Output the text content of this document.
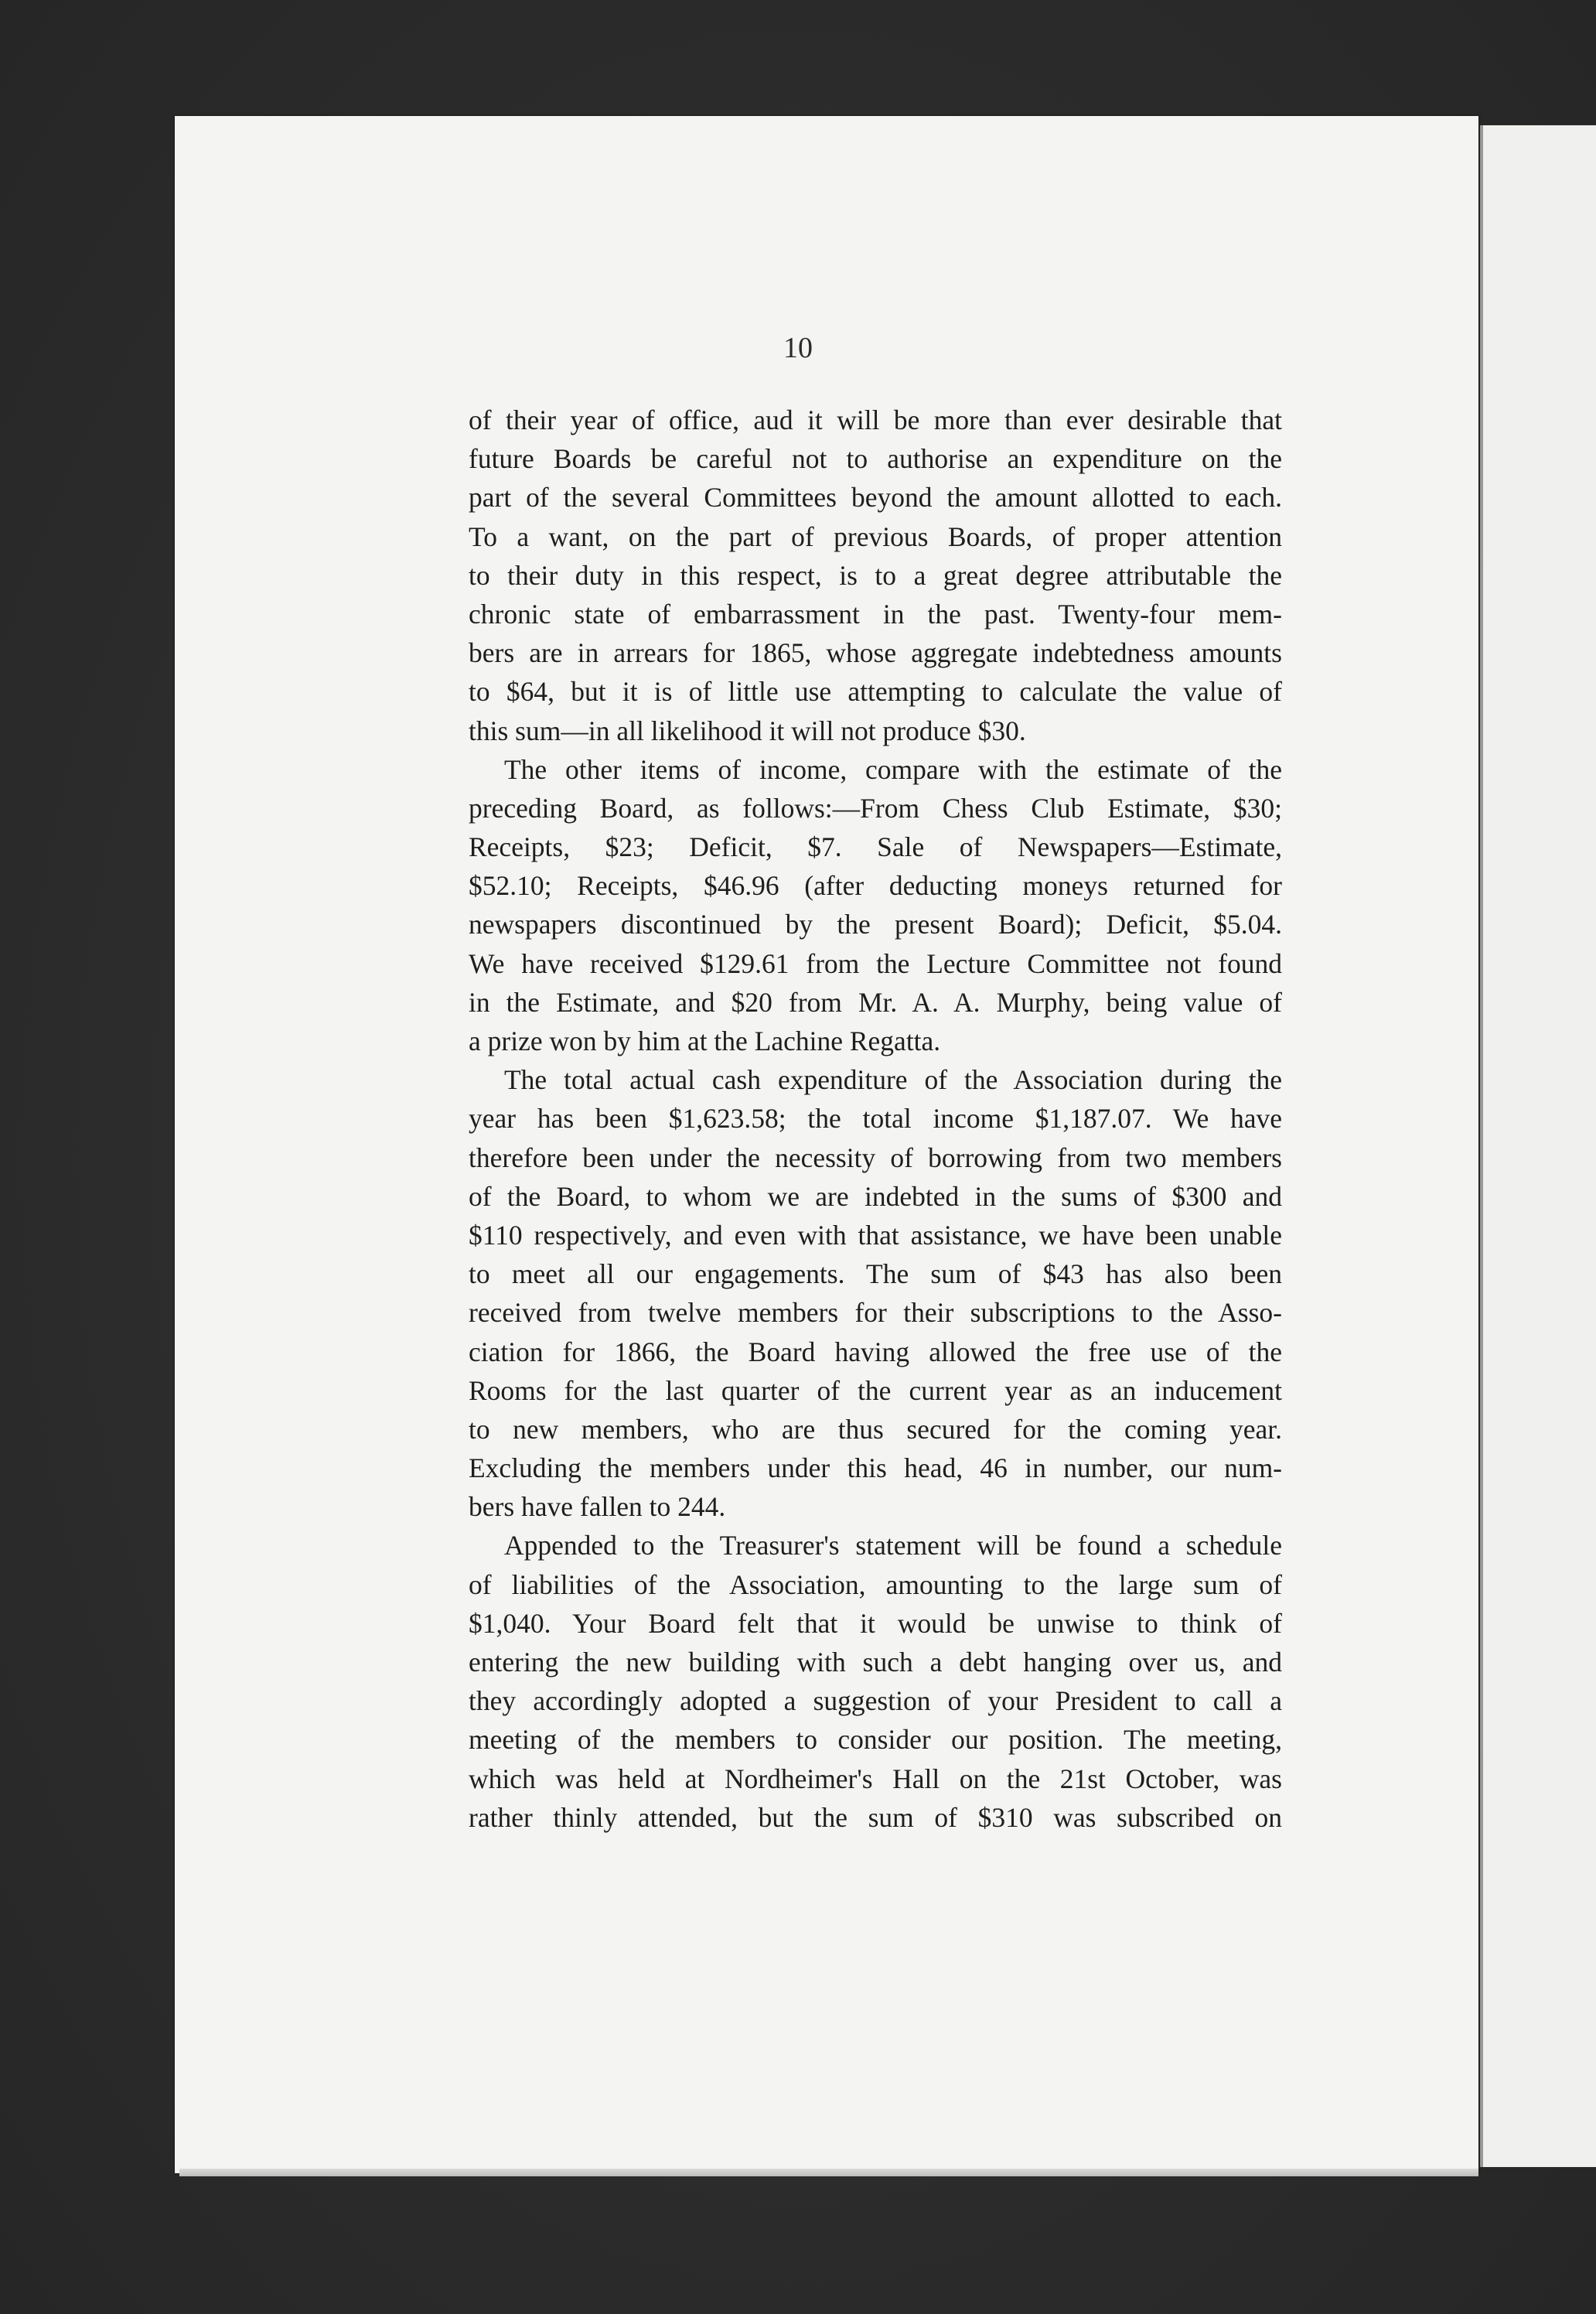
10
of their year of office, aud it will be more than ever desirable that
future Boards be careful not to authorise an expenditure on the
part of the several Committees beyond the amount allotted to each.
To a want, on the part of previous Boards, of proper attention
to their duty in this respect, is to a great degree attributable the
chronic state of embarrassment in the past. Twenty-four mem-
bers are in arrears for 1865, whose aggregate indebtedness amounts
to $64, but it is of little use attempting to calculate the value of
this sum—in all likelihood it will not produce $30.
The other items of income, compare with the estimate of the
preceding Board, as follows:—From Chess Club Estimate, $30;
Receipts, $23; Deficit, $7. Sale of Newspapers—Estimate,
$52.10; Receipts, $46.96 (after deducting moneys returned for
newspapers discontinued by the present Board); Deficit, $5.04.
We have received $129.61 from the Lecture Committee not found
in the Estimate, and $20 from Mr. A. A. Murphy, being value of
a prize won by him at the Lachine Regatta.
The total actual cash expenditure of the Association during the
year has been $1,623.58; the total income $1,187.07. We have
therefore been under the necessity of borrowing from two members
of the Board, to whom we are indebted in the sums of $300 and
$110 respectively, and even with that assistance, we have been unable
to meet all our engagements. The sum of $43 has also been
received from twelve members for their subscriptions to the Asso-
ciation for 1866, the Board having allowed the free use of the
Rooms for the last quarter of the current year as an inducement
to new members, who are thus secured for the coming year.
Excluding the members under this head, 46 in number, our num-
bers have fallen to 244.
Appended to the Treasurer's statement will be found a schedule
of liabilities of the Association, amounting to the large sum of
$1,040. Your Board felt that it would be unwise to think of
entering the new building with such a debt hanging over us, and
they accordingly adopted a suggestion of your President to call a
meeting of the members to consider our position. The meeting,
which was held at Nordheimer's Hall on the 21st October, was
rather thinly attended, but the sum of $310 was subscribed on
